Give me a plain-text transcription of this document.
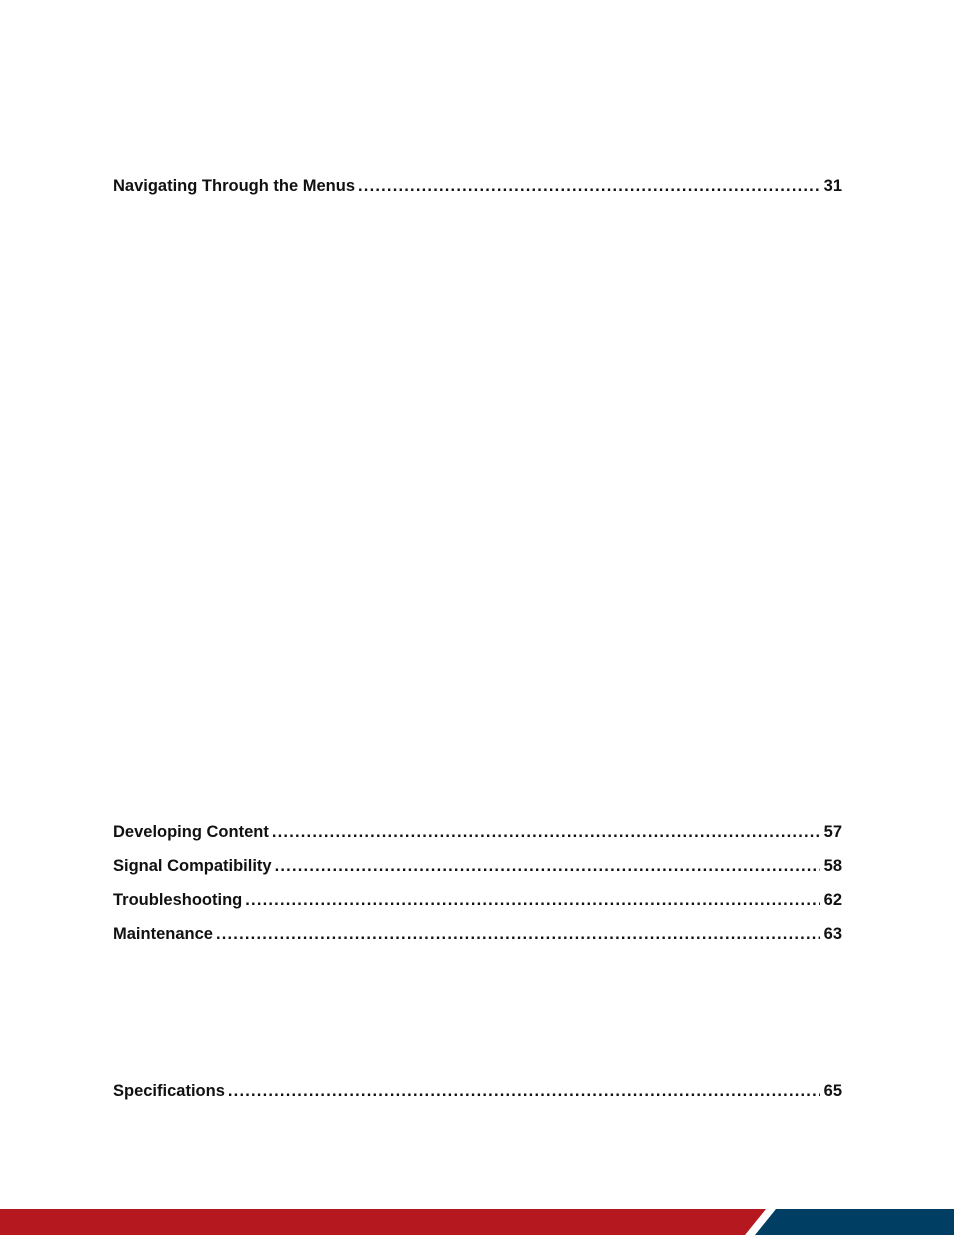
Navigating Through the Menus .....	31
Developing Content .....	57
Signal Compatibility .....	58
Troubleshooting .....	62
Maintenance .....	63
Specifications .....	65
